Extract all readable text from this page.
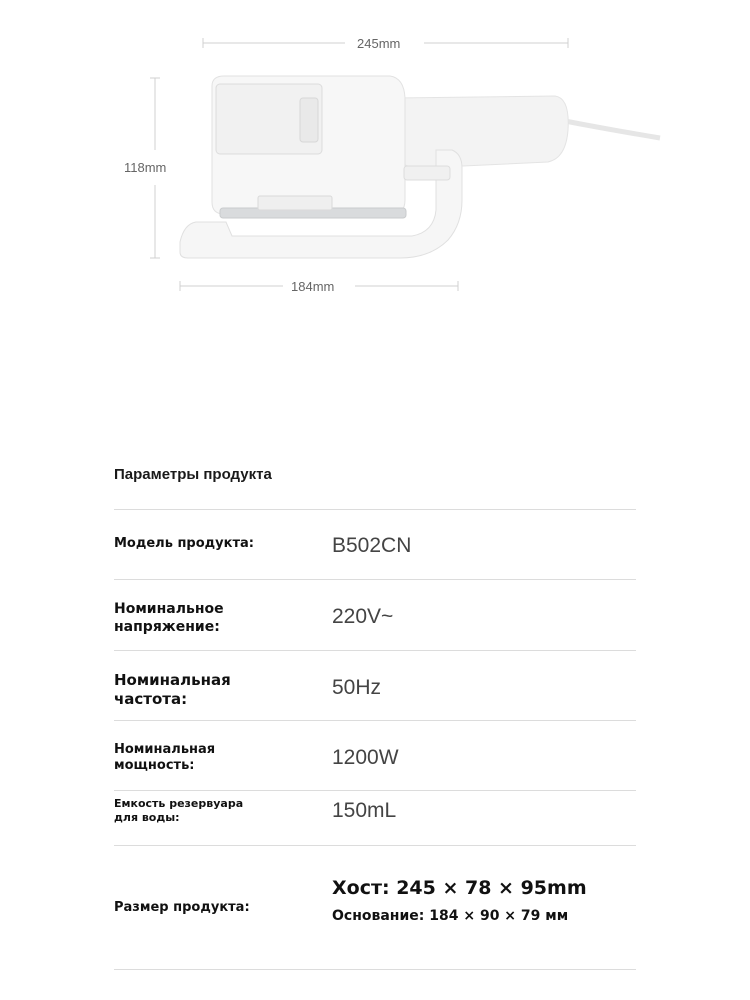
245mm
118mm
184mm
Параметры продукта
Модель продукта:	B502CN
Номинальное
напряжение:	220V~
Номинальная
частота:	50Hz
Номинальная
мощность:	1200W
Емкость резервуара
для воды:	150mL
Размер продукта:
Хост: 245 × 78 × 95mm
Основание: 184 × 90 × 79 мм
